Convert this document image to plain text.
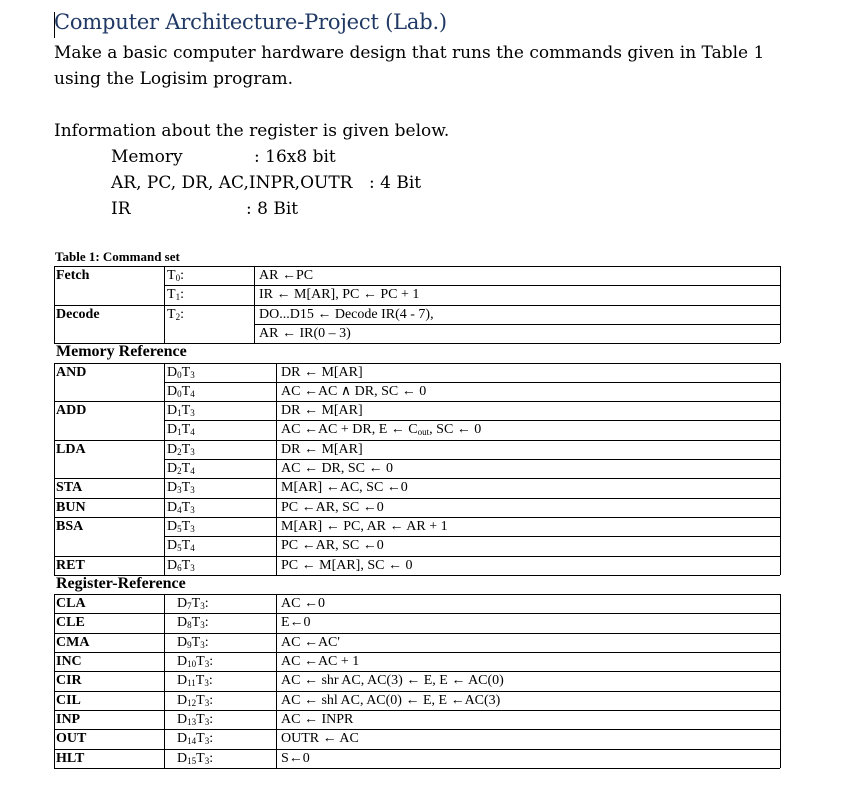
Computer Architecture-Project (Lab.)
Make a basic computer hardware design that runs the commands given in Table 1
using the Logisim program.
Information about the register is given below.
Memory	: 16x8 bit
AR, PC, DR, AC,INPR,OUTR : 4 Bit
IR	: 8 Bit
Table 1: Command set
Fetch	$T_0$:	AR ←PC
$T_1$:	IR ← M[AR], PC ← PC + 1
Decode	$T_2$:	DO...D15 ← Decode IR(4 - 7),
AR ← IR(0 – 3)
Memory Reference
AND	$D_0T_3$	DR ← M[AR]
$D_0T_4$	AC ←AC ∧ DR, SC ← 0
ADD	$D_1T_3$	DR ← M[AR]
$D_1T_4$	AC ←AC + DR, E ← $C_{out}$, SC ← 0
LDA	$D_2T_3$	DR ← M[AR]
$D_2T_4$	AC ← DR, SC ← 0
STA	$D_3T_3$	M[AR] ←AC, SC ←0
BUN	$D_4T_3$	PC ←AR, SC ←0
BSA	$D_5T_3$	M[AR] ← PC, AR ← AR + 1
$D_5T_4$	PC ←AR, SC ←0
RET	$D_6T_3$	PC ← M[AR], SC ← 0
Register-Reference
CLA	$D_7T_3$:	AC ←0
CLE	$D_8T_3$:	E←0
CMA	$D_9T_3$:	AC ←AC'
INC	$D_{10}T_3$:	AC ←AC + 1
CIR	$D_{11}T_3$:	AC ← shr AC, AC(3) ← E, E ← AC(0)
CIL	$D_{12}T_3$:	AC ← shl AC, AC(0) ← E, E ←AC(3)
INP	$D_{13}T_3$:	AC ← INPR
OUT	$D_{14}T_3$:	OUTR ← AC
HLT	$D_{15}T_3$:	S←0
